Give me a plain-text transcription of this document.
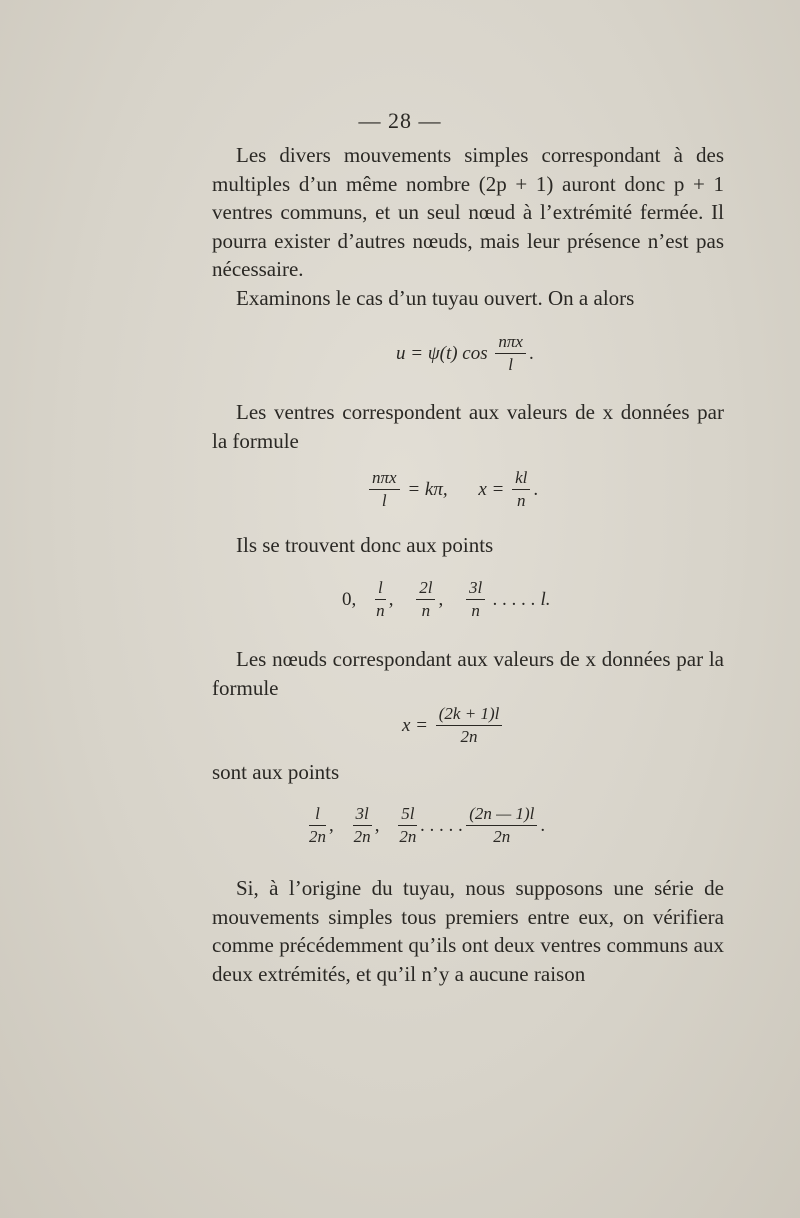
— 28 —

Les divers mouvements simples correspondant à des multiples d’un même nombre (2p + 1) auront donc p + 1 ventres communs, et un seul nœud à l’extrémité fermée. Il pourra exister d’autres nœuds, mais leur présence n’est pas nécessaire.

Examinons le cas d’un tuyau ouvert. On a alors

u = ψ(t) $\cos \frac{\text{nπx}}{l}$ .

Les ventres correspondent aux valeurs de x données par la formule

$\frac{\text{nπx}}{l} = k\pi$, $x = \frac{kl}{n}$ .

Ils se trouvent donc aux points

0, $\frac{l}{n}$ , $\frac{2l}{n}$ , $\frac{3l}{n}$ . . . . . l.

Les nœuds correspondant aux valeurs de x données par la formule

$x = \frac{(2k + 1)l}{2n}$

sont aux points

$\frac{l}{2n}$ , $\frac{3l}{2n}$ , $\frac{5l}{2n}$ . . . . . $\frac{(2n — 1)l}{2n}$ .

Si, à l’origine du tuyau, nous supposons une série de mouvements simples tous premiers entre eux, on vérifiera comme précédemment qu’ils ont deux ventres communs aux deux extrémités, et qu’il n’y a aucune raison
